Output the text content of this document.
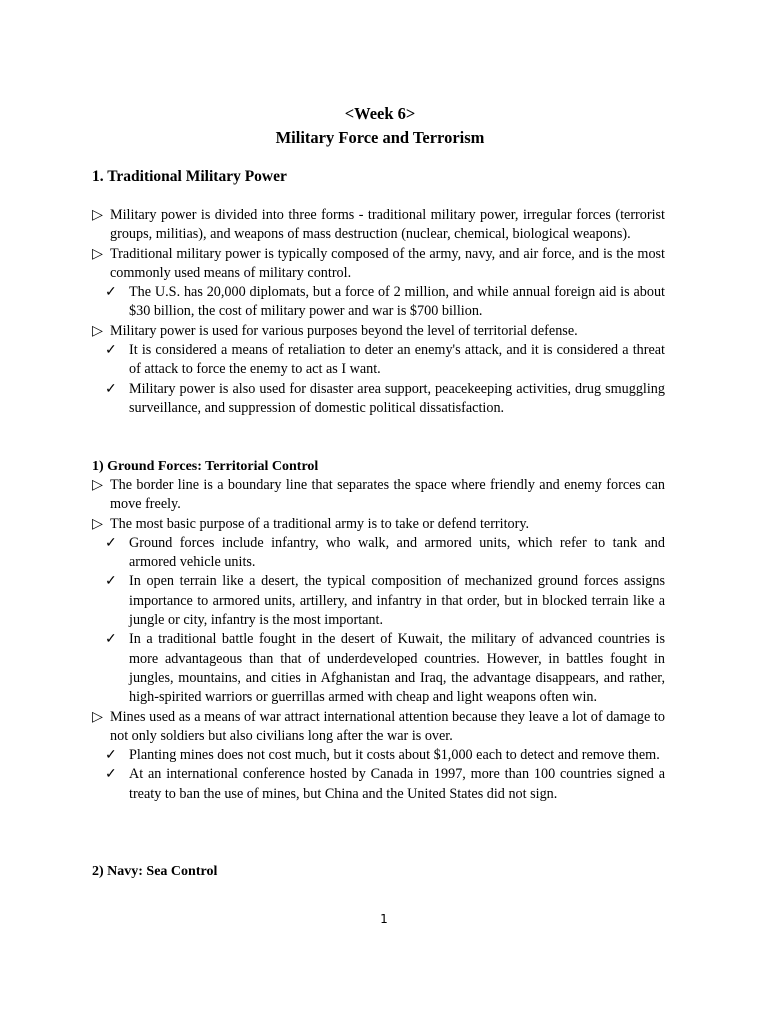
<Week 6>
Military Force and Terrorism
1. Traditional Military Power
▷ Military power is divided into three forms - traditional military power, irregular forces (terrorist groups, militias), and weapons of mass destruction (nuclear, chemical, biological weapons).
▷ Traditional military power is typically composed of the army, navy, and air force, and is the most commonly used means of military control.
✓ The U.S. has 20,000 diplomats, but a force of 2 million, and while annual foreign aid is about $30 billion, the cost of military power and war is $700 billion.
▷ Military power is used for various purposes beyond the level of territorial defense.
✓ It is considered a means of retaliation to deter an enemy's attack, and it is considered a threat of attack to force the enemy to act as I want.
✓ Military power is also used for disaster area support, peacekeeping activities, drug smuggling surveillance, and suppression of domestic political dissatisfaction.
1) Ground Forces: Territorial Control
▷ The border line is a boundary line that separates the space where friendly and enemy forces can move freely.
▷ The most basic purpose of a traditional army is to take or defend territory.
✓ Ground forces include infantry, who walk, and armored units, which refer to tank and armored vehicle units.
✓ In open terrain like a desert, the typical composition of mechanized ground forces assigns importance to armored units, artillery, and infantry in that order, but in blocked terrain like a jungle or city, infantry is the most important.
✓ In a traditional battle fought in the desert of Kuwait, the military of advanced countries is more advantageous than that of underdeveloped countries. However, in battles fought in jungles, mountains, and cities in Afghanistan and Iraq, the advantage disappears, and rather, high-spirited warriors or guerrillas armed with cheap and light weapons often win.
▷ Mines used as a means of war attract international attention because they leave a lot of damage to not only soldiers but also civilians long after the war is over.
✓ Planting mines does not cost much, but it costs about $1,000 each to detect and remove them.
✓ At an international conference hosted by Canada in 1997, more than 100 countries signed a treaty to ban the use of mines, but China and the United States did not sign.
2) Navy: Sea Control
1
